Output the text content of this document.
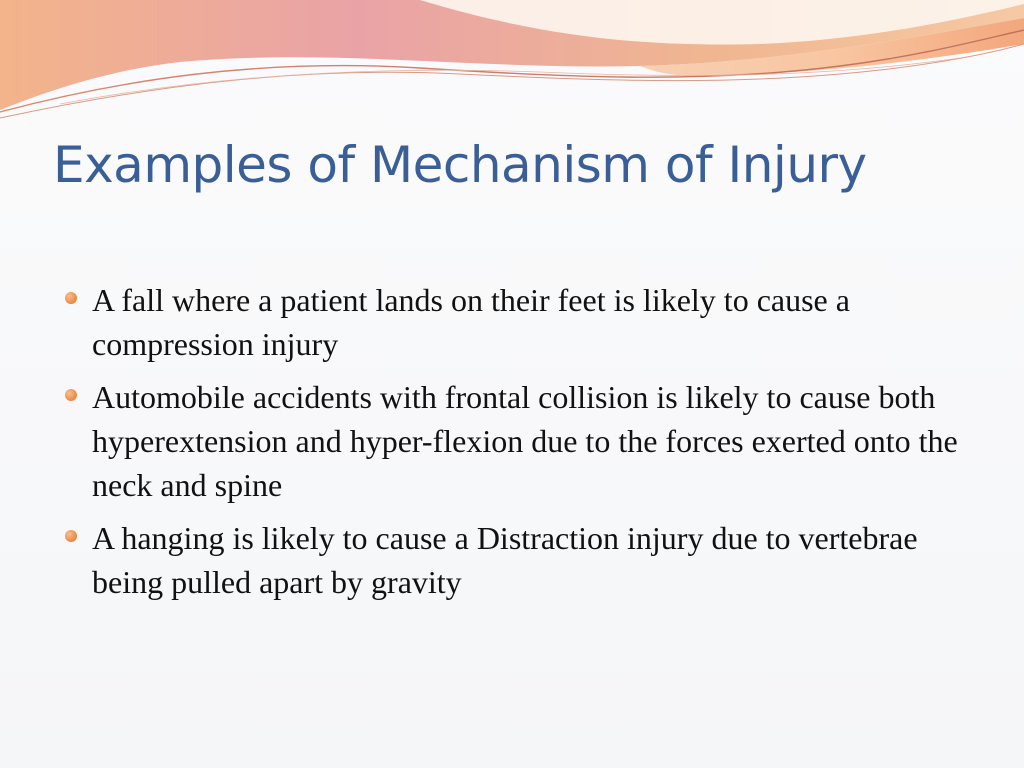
Examples of Mechanism of Injury
A fall where a patient lands on their feet is likely to cause a compression injury
Automobile accidents with frontal collision is likely to cause both hyperextension and hyper-flexion due to the forces exerted onto the neck and spine
A hanging is likely to cause a Distraction injury due to vertebrae being pulled apart by gravity
